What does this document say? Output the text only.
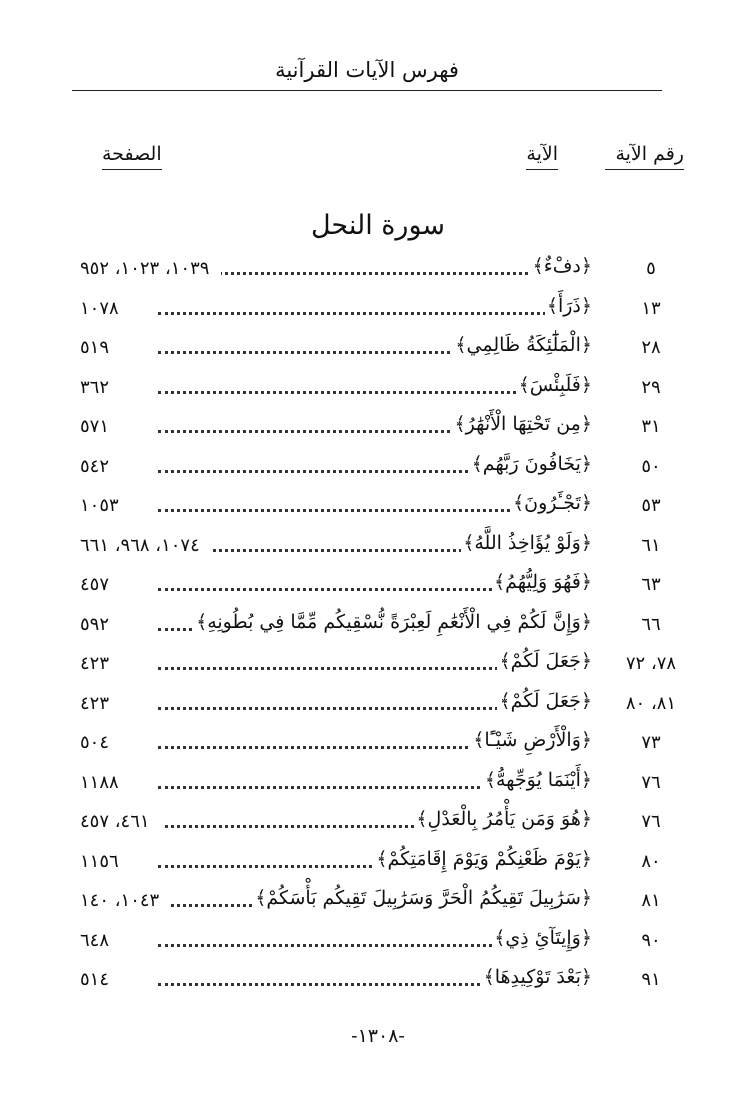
فهرس الآيات القرآنية
رقم الآية
الآية
الصفحة
سورة النحل
٥
﴿دفْءٌ﴾
١٠٣٩، ١٠٢٣، ٩٥٢
١٣
﴿ذَرَأَ﴾
١٠٧٨
٢٨
﴿الْمَلَٰٓئِكَةُ ظَالِمِي﴾
٥١٩
٢٩
﴿فَلَبِئْسَ﴾
٣٦٢
٣١
﴿مِن تَحْتِهَا الْأَنْهَٰرُ﴾
٥٧١
٥٠
﴿يَخَافُونَ رَبَّهُم﴾
٥٤٢
٥٣
﴿تَجْـَٔرُونَ﴾
١٠٥٣
٦١
﴿وَلَوْ يُؤَاخِذُ اللَّهُ﴾
١٠٧٤، ٩٦٨، ٦٦١
٦٣
﴿فَهُوَ وَلِيُّهُمُ﴾
٤٥٧
٦٦
﴿وَإِنَّ لَكُمْ فِي الْأَنْعَٰمِ لَعِبْرَةً نُّسْقِيكُم مِّمَّا فِي بُطُونِهِ﴾
٥٩٢
٧٨، ٧٢
﴿جَعَلَ لَكُمْ﴾
٤٢٣
٨١، ٨٠
﴿جَعَلَ لَكُمْ﴾
٤٢٣
٧٣
﴿وَالْأَرْضِ شَيْـًٔا﴾
٥٠٤
٧٦
﴿أَيْنَمَا يُوَجِّههُّ﴾
١١٨٨
٧٦
﴿هُوَ وَمَن يَأْمُرُ بِالْعَدْلِ﴾
٤٦١، ٤٥٧
٨٠
﴿يَوْمَ ظَعْنِكُمْ وَيَوْمَ إِقَامَتِكُمْ﴾
١١٥٦
٨١
﴿سَرَٰبِيلَ تَقِيكُمُ الْحَرَّ وَسَرَٰبِيلَ تَقِيكُم بَأْسَكُمْ﴾
١٠٤٣، ١٤٠
٩٠
﴿وَإِيتَآئِ ذِي﴾
٦٤٨
٩١
﴿بَعْدَ تَوْكِيدِهَا﴾
٥١٤
-١٣٠٨-
